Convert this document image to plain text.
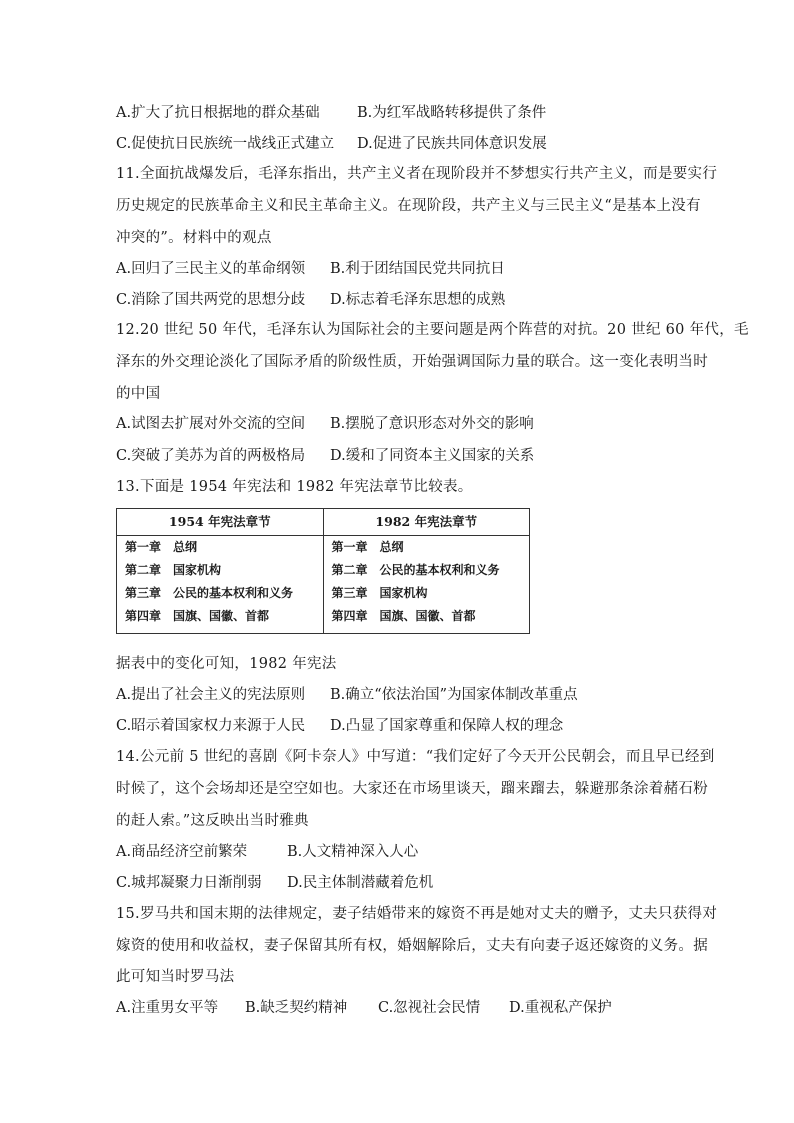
A.扩大了抗日根据地的群众基础	B.为红军战略转移提供了条件
C.促使抗日民族统一战线正式建立 D.促进了民族共同体意识发展
11.全面抗战爆发后，毛泽东指出，共产主义者在现阶段并不梦想实行共产主义，而是要实行
历史规定的民族革命主义和民主革命主义。在现阶段，共产主义与三民主义“是基本上没有
冲突的”。材料中的观点
A.回归了三民主义的革命纲领 B.利于团结国民党共同抗日
C.消除了国共两党的思想分歧 D.标志着毛泽东思想的成熟
12.20 世纪 50 年代，毛泽东认为国际社会的主要问题是两个阵营的对抗。20 世纪 60 年代，毛
泽东的外交理论淡化了国际矛盾的阶级性质，开始强调国际力量的联合。这一变化表明当时
的中国
A.试图去扩展对外交流的空间 B.摆脱了意识形态对外交的影响
C.突破了美苏为首的两极格局 D.缓和了同资本主义国家的关系
13.下面是 1954 年宪法和 1982 年宪法章节比较表。
1954 年宪法章节
第一章　总纲
第二章　国家机构
第三章　公民的基本权利和义务
第四章　国旗、国徽、首都
1982 年宪法章节
第一章　总纲
第二章　公民的基本权利和义务
第三章　国家机构
第四章　国旗、国徽、首都
据表中的变化可知，1982 年宪法
A.提出了社会主义的宪法原则 B.确立“依法治国”为国家体制改革重点
C.昭示着国家权力来源于人民 D.凸显了国家尊重和保障人权的理念
14.公元前 5 世纪的喜剧《阿卡奈人》中写道：“我们定好了今天开公民朝会，而且早已经到
时候了，这个会场却还是空空如也。大家还在市场里谈天，蹓来蹓去，躲避那条涂着赭石粉
的赶人索。”这反映出当时雅典
A.商品经济空前繁荣	B.人文精神深入人心
C.城邦凝聚力日渐削弱 D.民主体制潜藏着危机
15.罗马共和国末期的法律规定，妻子结婚带来的嫁资不再是她对丈夫的赠予，丈夫只获得对
嫁资的使用和收益权，妻子保留其所有权，婚姻解除后，丈夫有向妻子返还嫁资的义务。据
此可知当时罗马法
A.注重男女平等 B.缺乏契约精神 C.忽视社会民情 D.重视私产保护
